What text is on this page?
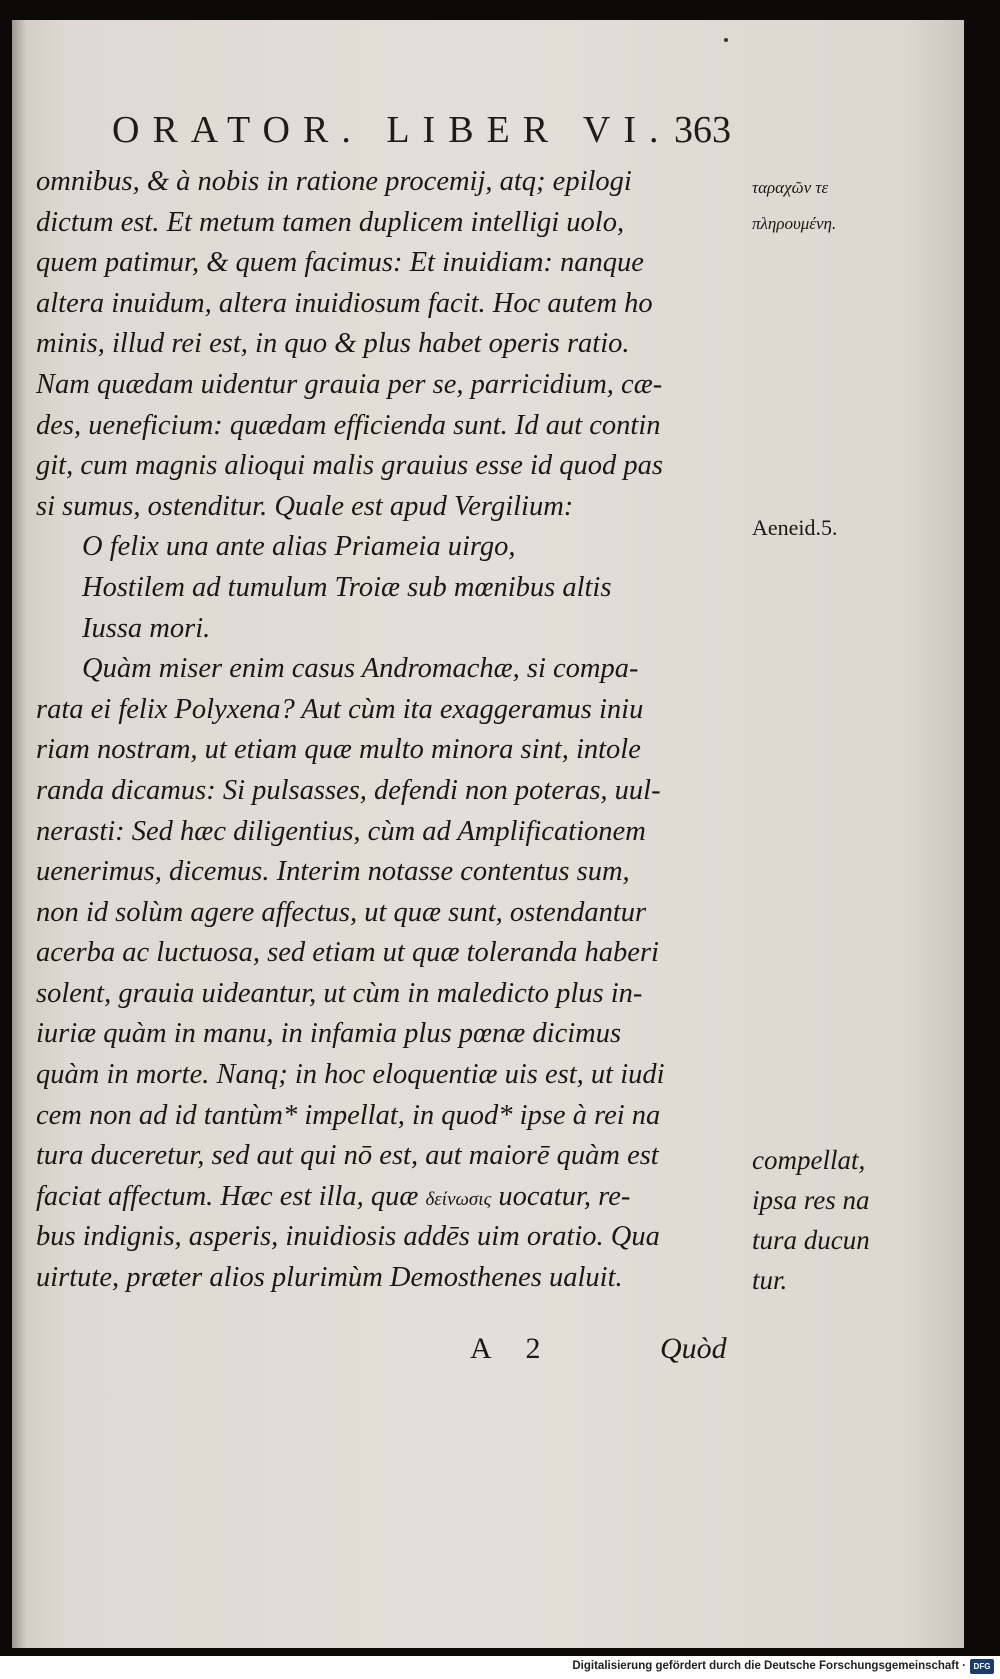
ORATOR. LIBER VI. 363
omnibus, & à nobis in ratione procemij, atq; epilogi
dictum est. Et metum tamen duplicem intelligi uolo,
quem patimur, & quem facimus: Et inuidiam: nanque
altera inuidum, altera inuidiosum facit. Hoc autem ho
minis, illud rei est, in quo & plus habet operis ratio.
Nam quædam uidentur grauia per se, parricidium, cæ-
des, ueneficium: quædam efficienda sunt. Id aut contin
git, cum magnis alioqui malis grauius esse id quod pas
si sumus, ostenditur. Quale est apud Vergilium:
O felix una ante alias Priameia uirgo,
Hostilem ad tumulum Troiæ sub mœnibus altis
Iussa mori.
Quàm miser enim casus Andromachæ, si compa-
rata ei felix Polyxena? Aut cùm ita exaggeramus iniu
riam nostram, ut etiam quæ multo minora sint, intole
randa dicamus: Si pulsasses, defendi non poteras, uul-
nerasti: Sed hæc diligentius, cùm ad Amplificationem
uenerimus, dicemus. Interim notasse contentus sum,
non id solùm agere affectus, ut quæ sunt, ostendantur
acerba ac luctuosa, sed etiam ut quæ toleranda haberi
solent, grauia uideantur, ut cùm in maledicto plus in-
iuriæ quàm in manu, in infamia plus pœnæ dicimus
quàm in morte. Nanq; in hoc eloquentiæ uis est, ut iudi
cem non ad id tantùm* impellat, in quod* ipse à rei na
tura duceretur, sed aut qui nō est, aut maiorē quàm est
faciat affectum. Hæc est illa, quæ δείνωσις uocatur, re-
bus indignis, asperis, inuidiosis addēs uim oratio. Qua
uirtute, præter alios plurimùm Demosthenes ualuit.
A 2	Quòd
ταραχῶν τε
πληρουμένη.
Aeneid.5.
compellat,
ipsa res na
tura ducun
tur.
Digitalisierung gefördert durch die Deutsche Forschungsgemeinschaft · DFG
